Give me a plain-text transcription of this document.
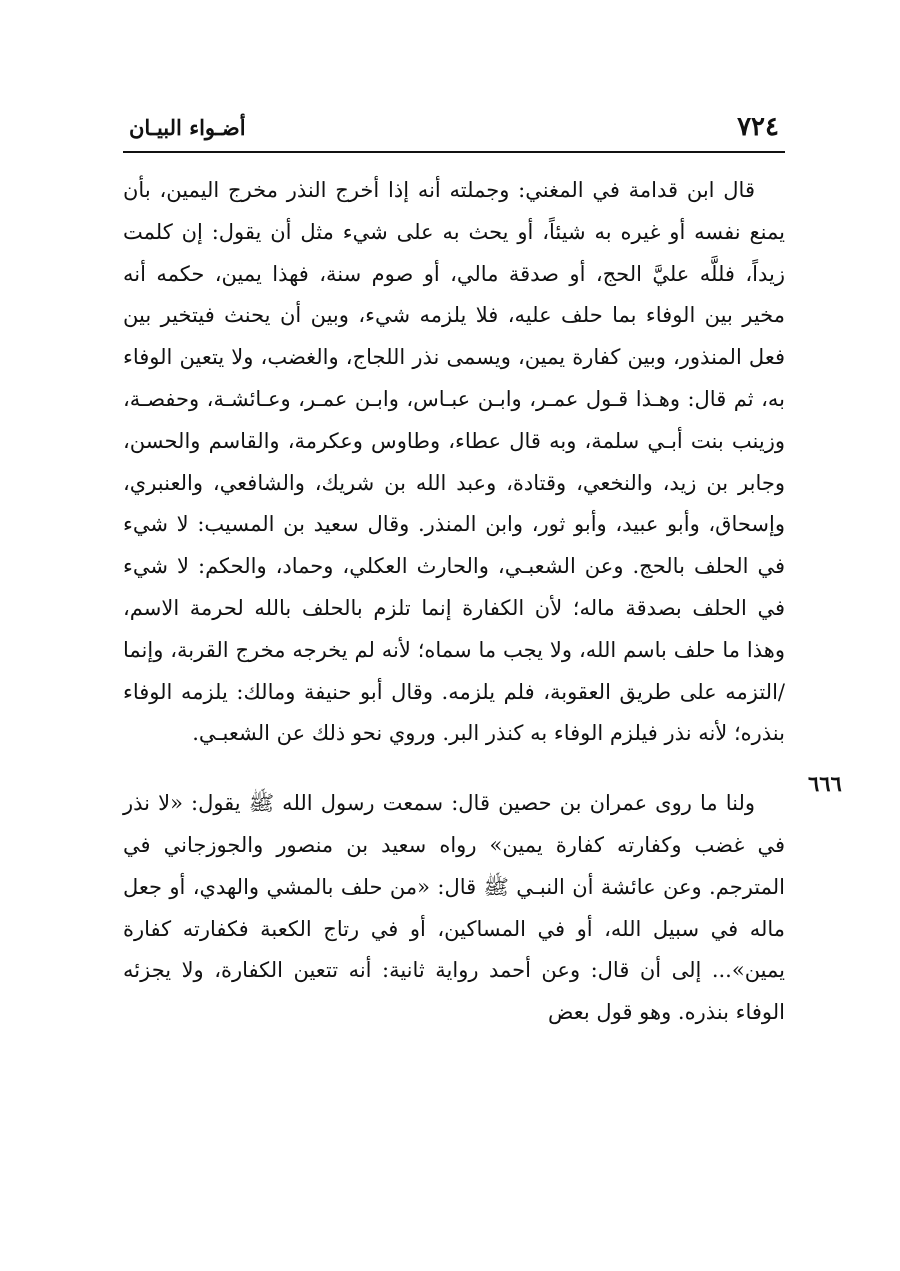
٧٢٤
أضـواء البيـان

قال ابن قدامة في المغني: وجملته أنه إذا أخرج النذر مخرج اليمين، بأن يمنع نفسه أو غيره به شيئاً، أو يحث به على شيء مثل أن يقول: إن كلمت زيداً، فللَّه عليَّ الحج، أو صدقة مالي، أو صوم سنة، فهذا يمين، حكمه أنه مخير بين الوفاء بما حلف عليه، فلا يلزمه شيء، وبين أن يحنث فيتخير بين فعل المنذور، وبين كفارة يمين، ويسمى نذر اللجاج، والغضب، ولا يتعين الوفاء به، ثم قال: وهـذا قـول عمـر، وابـن عبـاس، وابـن عمـر، وعـائشـة، وحفصـة، وزينب بنت أبـي سلمة، وبه قال عطاء، وطاوس وعكرمة، والقاسم والحسن، وجابر بن زيد، والنخعي، وقتادة، وعبد الله بن شريك، والشافعي، والعنبري، وإسحاق، وأبو عبيد، وأبو ثور، وابن المنذر. وقال سعيد بن المسيب: لا شيء في الحلف بالحج. وعن الشعبـي، والحارث العكلي، وحماد، والحكم: لا شيء في الحلف بصدقة ماله؛ لأن الكفارة إنما تلزم بالحلف بالله لحرمة الاسم، وهذا ما حلف باسم الله، ولا يجب ما سماه؛ لأنه لم يخرجه مخرج القربة، وإنما /التزمه على طريق العقوبة، فلم يلزمه. وقال أبو حنيفة ومالك: يلزمه الوفاء بنذره؛ لأنه نذر فيلزم الوفاء به كنذر البر. وروي نحو ذلك عن الشعبـي.

ولنا ما روى عمران بن حصين قال: سمعت رسول الله ﷺ يقول: «لا نذر في غضب وكفارته كفارة يمين» رواه سعيد بن منصور والجوزجاني في المترجم. وعن عائشة أن النبـي ﷺ قال: «من حلف بالمشي والهدي، أو جعل ماله في سبيل الله، أو في المساكين، أو في رتاج الكعبة فكفارته كفارة يمين»... إلى أن قال: وعن أحمد رواية ثانية: أنه تتعين الكفارة، ولا يجزئه الوفاء بنذره. وهو قول بعض

٦٦٦
